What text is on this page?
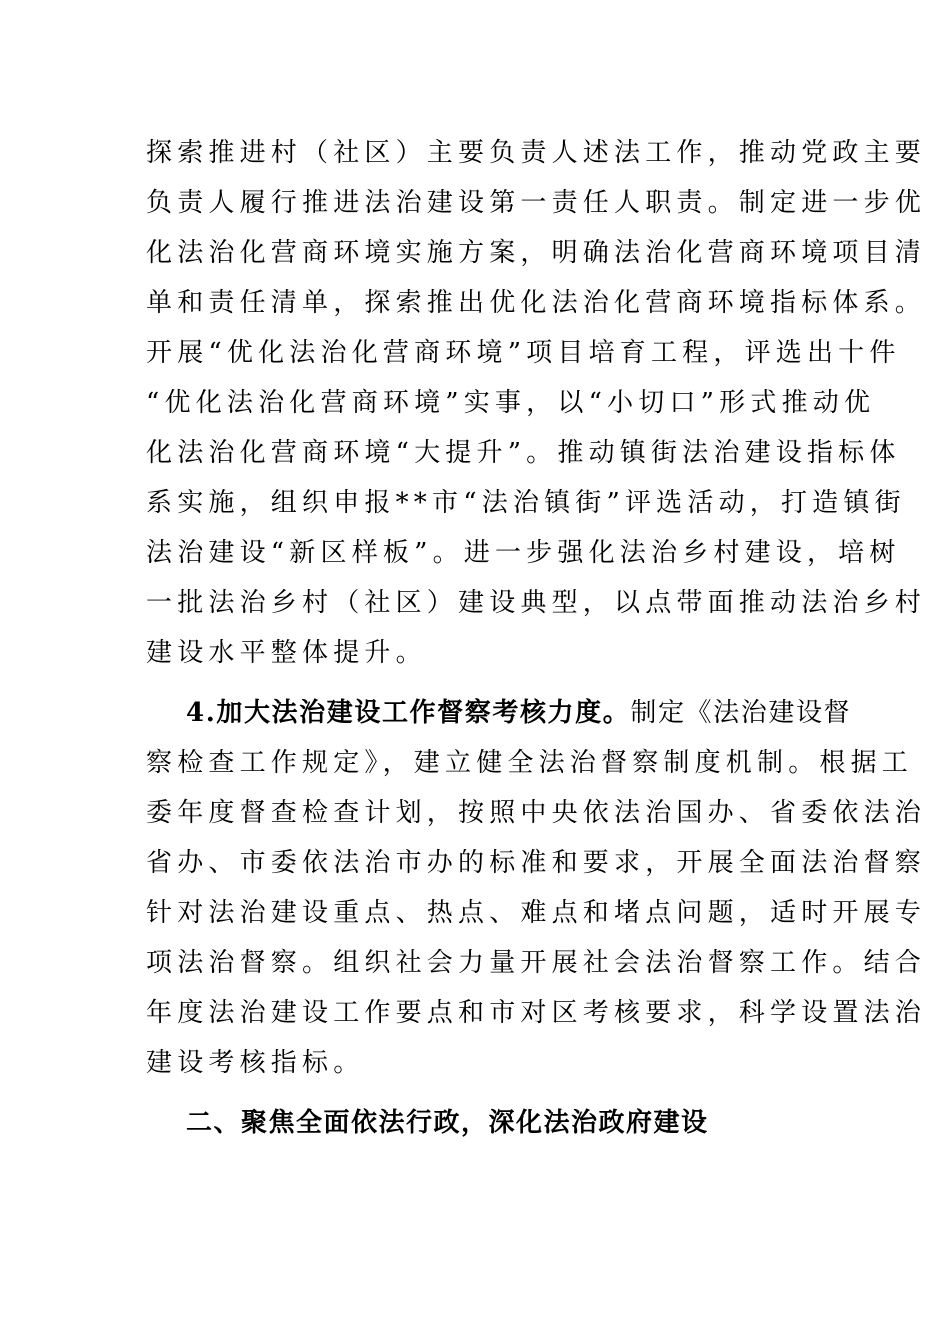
探索推进村（社区）主要负责人述法工作，推动党政主要
负责人履行推进法治建设第一责任人职责。制定进一步优
化法治化营商环境实施方案，明确法治化营商环境项目清
单和责任清单，探索推出优化法治化营商环境指标体系。
开展“优化法治化营商环境”项目培育工程，评选出十件
“优化法治化营商环境”实事，以“小切口”形式推动优
化法治化营商环境“大提升”。推动镇街法治建设指标体
系实施，组织申报**市“法治镇街”评选活动，打造镇街
法治建设“新区样板”。进一步强化法治乡村建设，培树
一批法治乡村（社区）建设典型，以点带面推动法治乡村
建设水平整体提升。
4.加大法治建设工作督察考核力度。制定《法治建设督
察检查工作规定》，建立健全法治督察制度机制。根据工
委年度督查检查计划，按照中央依法治国办、省委依法治
省办、市委依法治市办的标准和要求，开展全面法治督察
针对法治建设重点、热点、难点和堵点问题，适时开展专
项法治督察。组织社会力量开展社会法治督察工作。结合
年度法治建设工作要点和市对区考核要求，科学设置法治
建设考核指标。
二、聚焦全面依法行政，深化法治政府建设
